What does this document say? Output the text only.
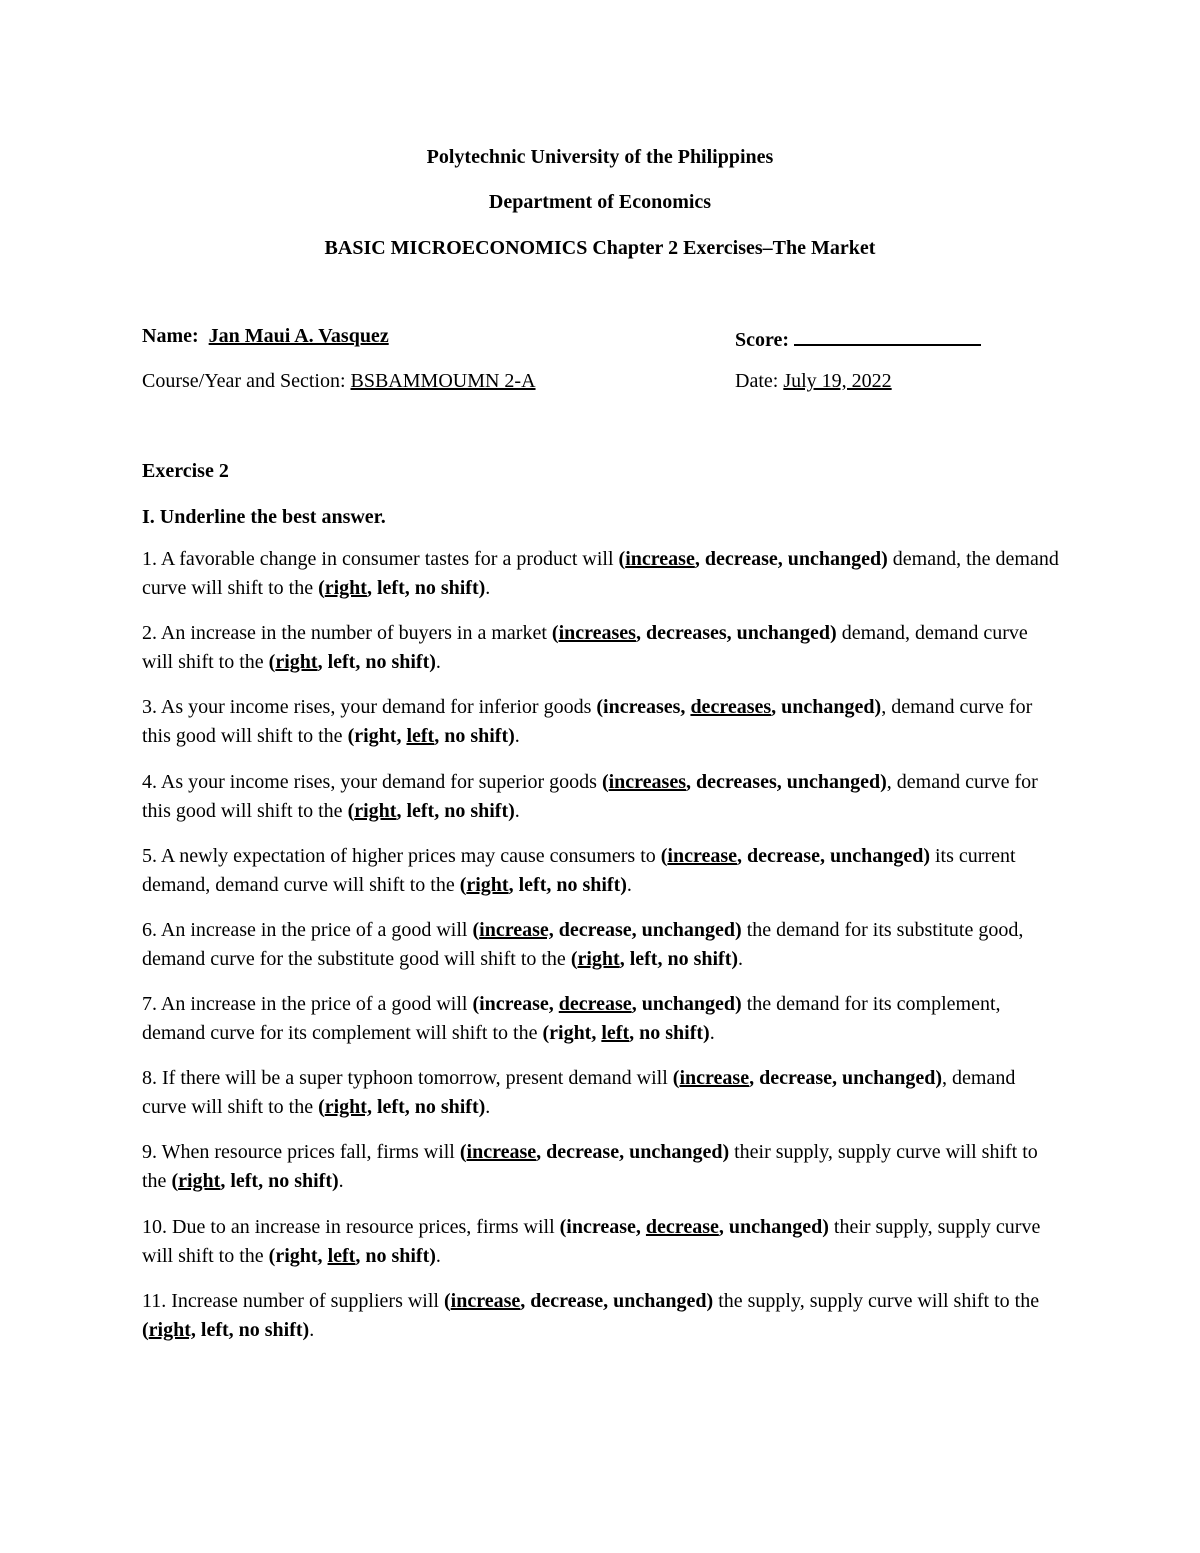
Polytechnic University of the Philippines
Department of Economics
BASIC MICROECONOMICS Chapter 2 Exercises–The Market
Name: Jan Maui A. Vasquez	Score:
Course/Year and Section: BSBAMMOUMN 2-A	Date: July 19, 2022
Exercise 2
I. Underline the best answer.
1. A favorable change in consumer tastes for a product will (increase, decrease, unchanged) demand, the demand curve will shift to the (right, left, no shift).
2. An increase in the number of buyers in a market (increases, decreases, unchanged) demand, demand curve will shift to the (right, left, no shift).
3. As your income rises, your demand for inferior goods (increases, decreases, unchanged), demand curve for this good will shift to the (right, left, no shift).
4. As your income rises, your demand for superior goods (increases, decreases, unchanged), demand curve for this good will shift to the (right, left, no shift).
5. A newly expectation of higher prices may cause consumers to (increase, decrease, unchanged) its current demand, demand curve will shift to the (right, left, no shift).
6. An increase in the price of a good will (increase, decrease, unchanged) the demand for its substitute good, demand curve for the substitute good will shift to the (right, left, no shift).
7. An increase in the price of a good will (increase, decrease, unchanged) the demand for its complement, demand curve for its complement will shift to the (right, left, no shift).
8. If there will be a super typhoon tomorrow, present demand will (increase, decrease, unchanged), demand curve will shift to the (right, left, no shift).
9. When resource prices fall, firms will (increase, decrease, unchanged) their supply, supply curve will shift to the (right, left, no shift).
10. Due to an increase in resource prices, firms will (increase, decrease, unchanged) their supply, supply curve will shift to the (right, left, no shift).
11. Increase number of suppliers will (increase, decrease, unchanged) the supply, supply curve will shift to the (right, left, no shift).
